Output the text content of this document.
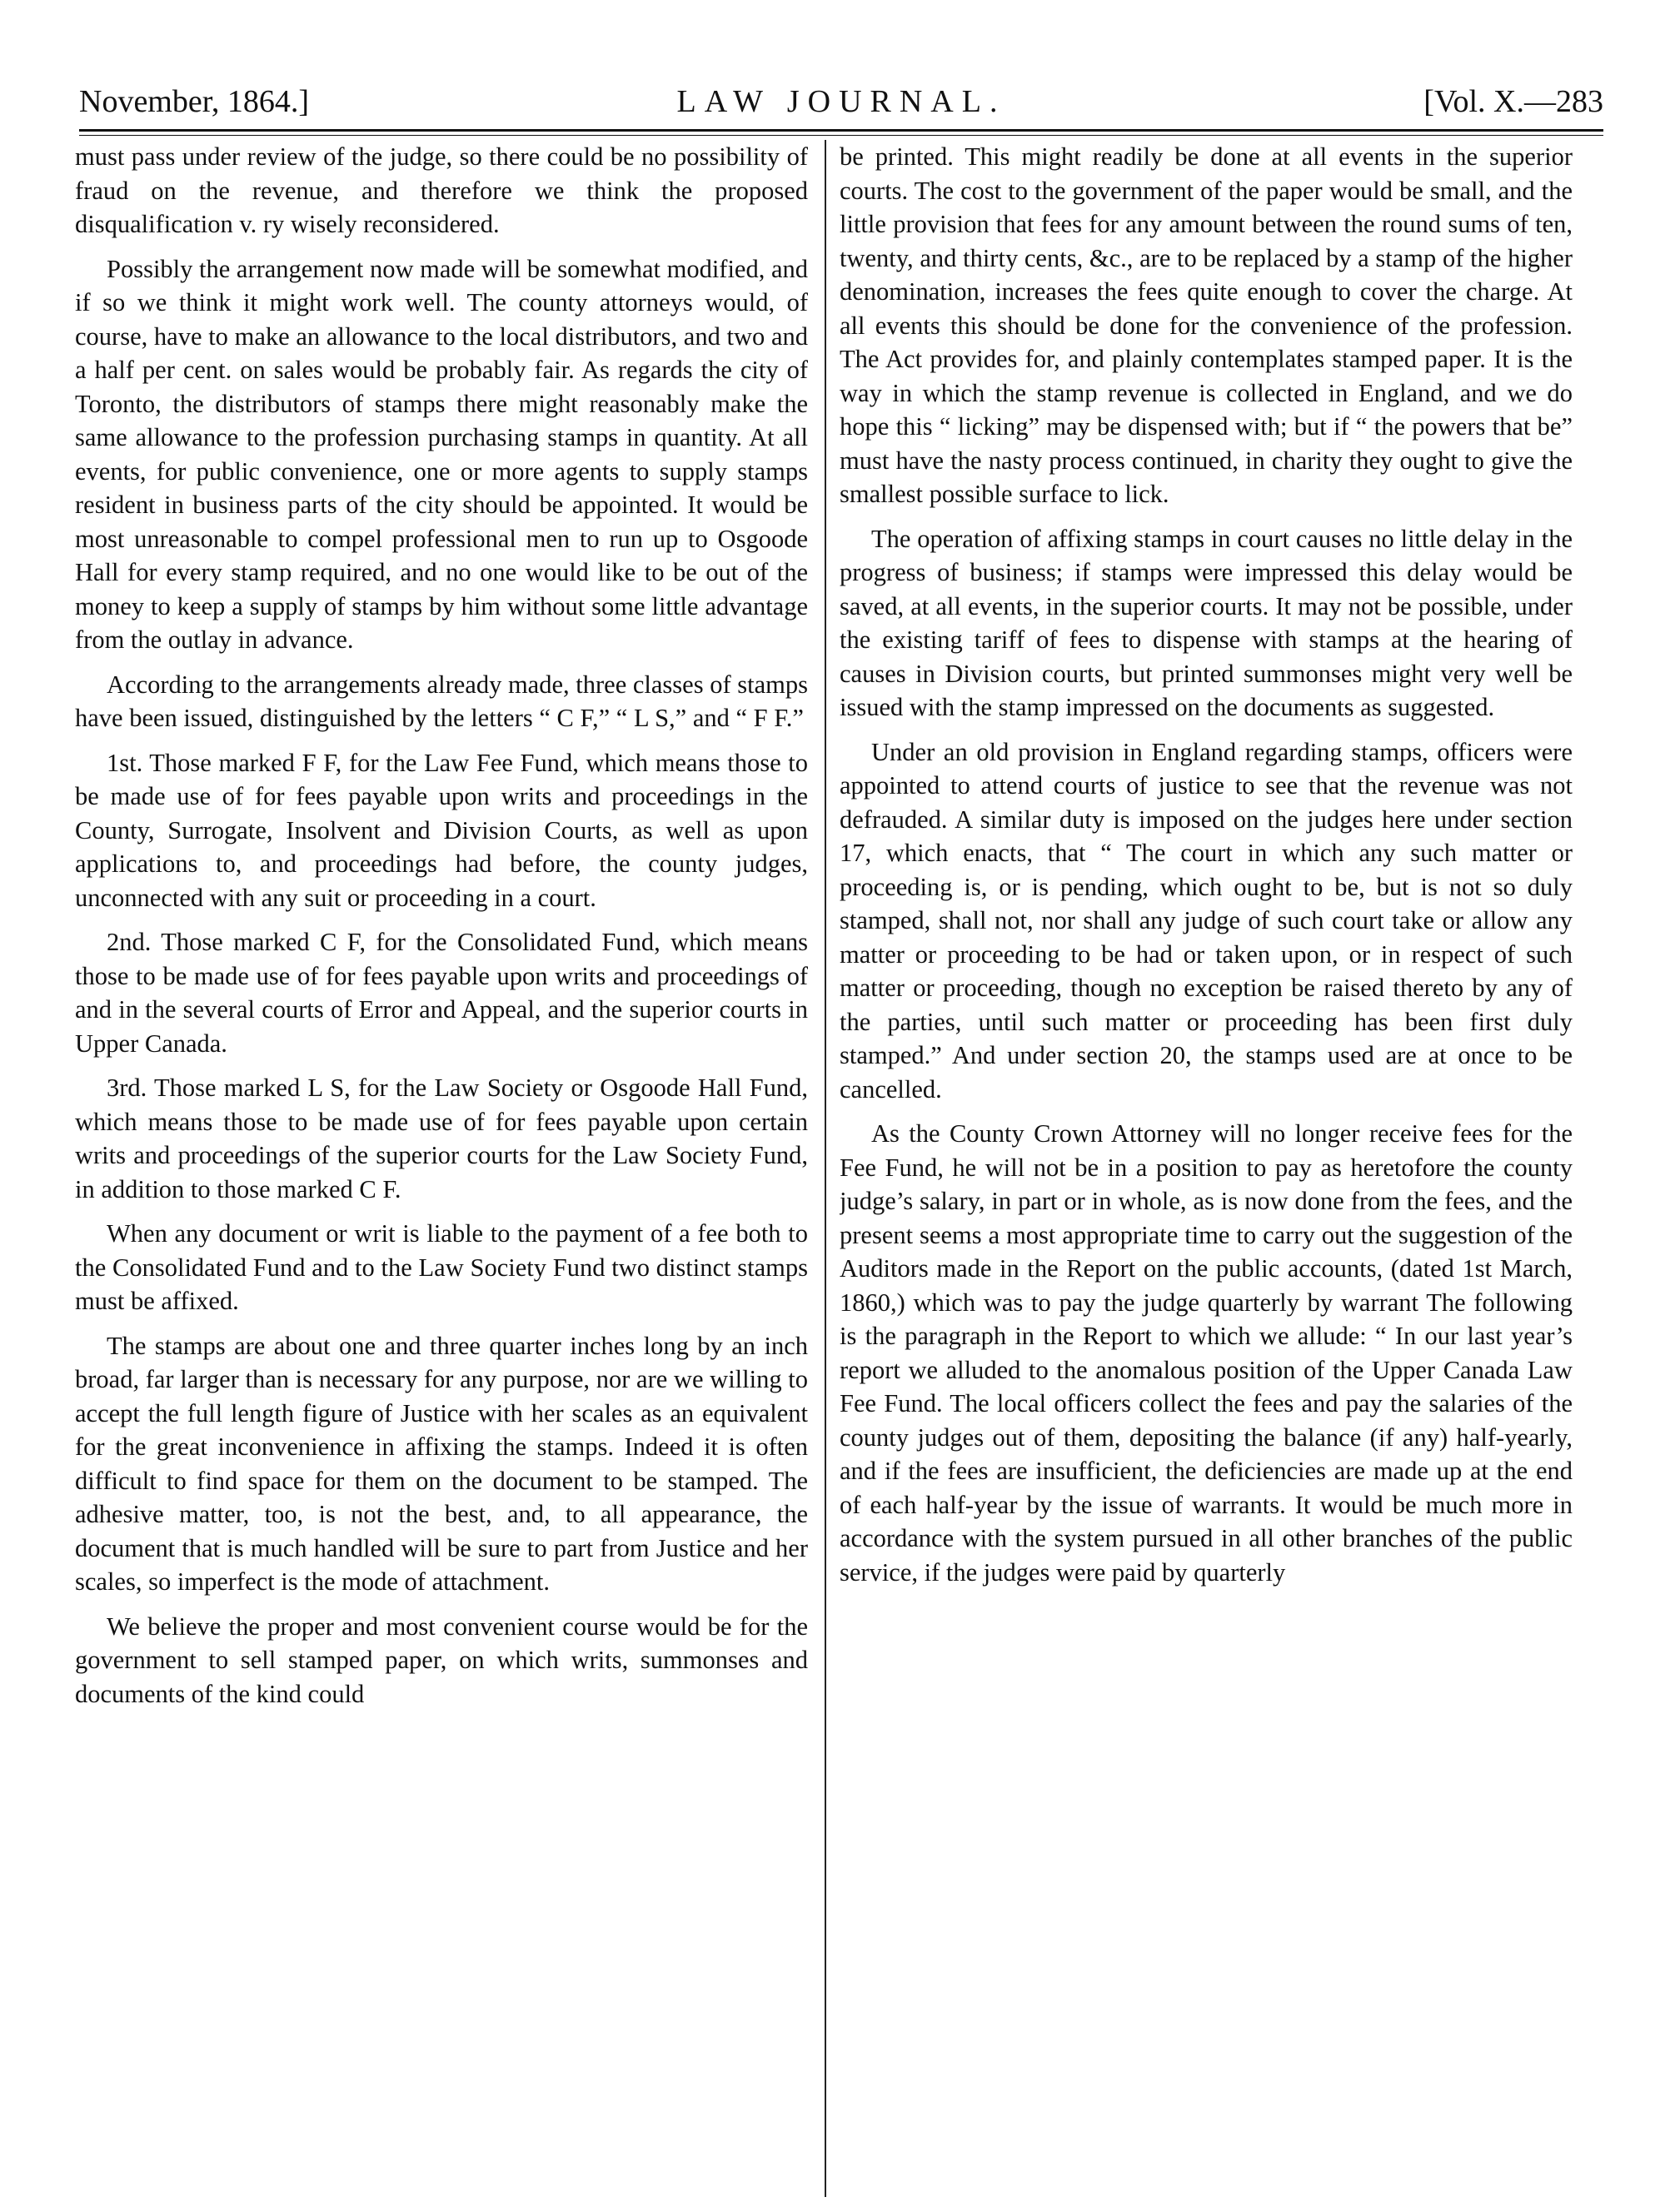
November, 1864.]	LAW JOURNAL.	[Vol. X.—283

must pass under review of the judge, so there could be no possibility of fraud on the revenue, and therefore we think the proposed disqualification v. ry wisely reconsidered.

Possibly the arrangement now made will be somewhat modified, and if so we think it might work well. The county attorneys would, of course, have to make an allowance to the local distributors, and two and a half per cent. on sales would be probably fair. As regards the city of Toronto, the distributors of stamps there might reasonably make the same allowance to the profession purchasing stamps in quantity. At all events, for public convenience, one or more agents to supply stamps resident in business parts of the city should be appointed. It would be most unreasonable to compel professional men to run up to Osgoode Hall for every stamp required, and no one would like to be out of the money to keep a supply of stamps by him without some little advantage from the outlay in advance.

According to the arrangements already made, three classes of stamps have been issued, distinguished by the letters “ C F,” “ L S,” and “ F F.”

1st. Those marked F F, for the Law Fee Fund, which means those to be made use of for fees payable upon writs and proceedings in the County, Surrogate, Insolvent and Division Courts, as well as upon applications to, and proceedings had before, the county judges, unconnected with any suit or proceeding in a court.

2nd. Those marked C F, for the Consolidated Fund, which means those to be made use of for fees payable upon writs and proceedings of and in the several courts of Error and Appeal, and the superior courts in Upper Canada.

3rd. Those marked L S, for the Law Society or Osgoode Hall Fund, which means those to be made use of for fees payable upon certain writs and proceedings of the superior courts for the Law Society Fund, in addition to those marked C F.

When any document or writ is liable to the payment of a fee both to the Consolidated Fund and to the Law Society Fund two distinct stamps must be affixed.

The stamps are about one and three quarter inches long by an inch broad, far larger than is necessary for any purpose, nor are we willing to accept the full length figure of Justice with her scales as an equivalent for the great inconvenience in affixing the stamps. Indeed it is often difficult to find space for them on the document to be stamped. The adhesive matter, too, is not the best, and, to all appearance, the document that is much handled will be sure to part from Justice and her scales, so imperfect is the mode of attachment.

We believe the proper and most convenient course would be for the government to sell stamped paper, on which writs, summonses and documents of the kind could

be printed. This might readily be done at all events in the superior courts. The cost to the government of the paper would be small, and the little provision that fees for any amount between the round sums of ten, twenty, and thirty cents, &c., are to be replaced by a stamp of the higher denomination, increases the fees quite enough to cover the charge. At all events this should be done for the convenience of the profession. The Act provides for, and plainly contemplates stamped paper. It is the way in which the stamp revenue is collected in England, and we do hope this “ licking” may be dispensed with; but if “ the powers that be” must have the nasty process continued, in charity they ought to give the smallest possible surface to lick.

The operation of affixing stamps in court causes no little delay in the progress of business; if stamps were impressed this delay would be saved, at all events, in the superior courts. It may not be possible, under the existing tariff of fees to dispense with stamps at the hearing of causes in Division courts, but printed summonses might very well be issued with the stamp impressed on the documents as suggested.

Under an old provision in England regarding stamps, officers were appointed to attend courts of justice to see that the revenue was not defrauded. A similar duty is imposed on the judges here under section 17, which enacts, that “ The court in which any such matter or proceeding is, or is pending, which ought to be, but is not so duly stamped, shall not, nor shall any judge of such court take or allow any matter or proceeding to be had or taken upon, or in respect of such matter or proceeding, though no exception be raised thereto by any of the parties, until such matter or proceeding has been first duly stamped.” And under section 20, the stamps used are at once to be cancelled.

As the County Crown Attorney will no longer receive fees for the Fee Fund, he will not be in a position to pay as heretofore the county judge’s salary, in part or in whole, as is now done from the fees, and the present seems a most appropriate time to carry out the suggestion of the Auditors made in the Report on the public accounts, (dated 1st March, 1860,) which was to pay the judge quarterly by warrant The following is the paragraph in the Report to which we allude: “ In our last year’s report we alluded to the anomalous position of the Upper Canada Law Fee Fund. The local officers collect the fees and pay the salaries of the county judges out of them, depositing the balance (if any) half-yearly, and if the fees are insufficient, the deficiencies are made up at the end of each half-year by the issue of warrants. It would be much more in accordance with the system pursued in all other branches of the public service, if the judges were paid by quarterly
